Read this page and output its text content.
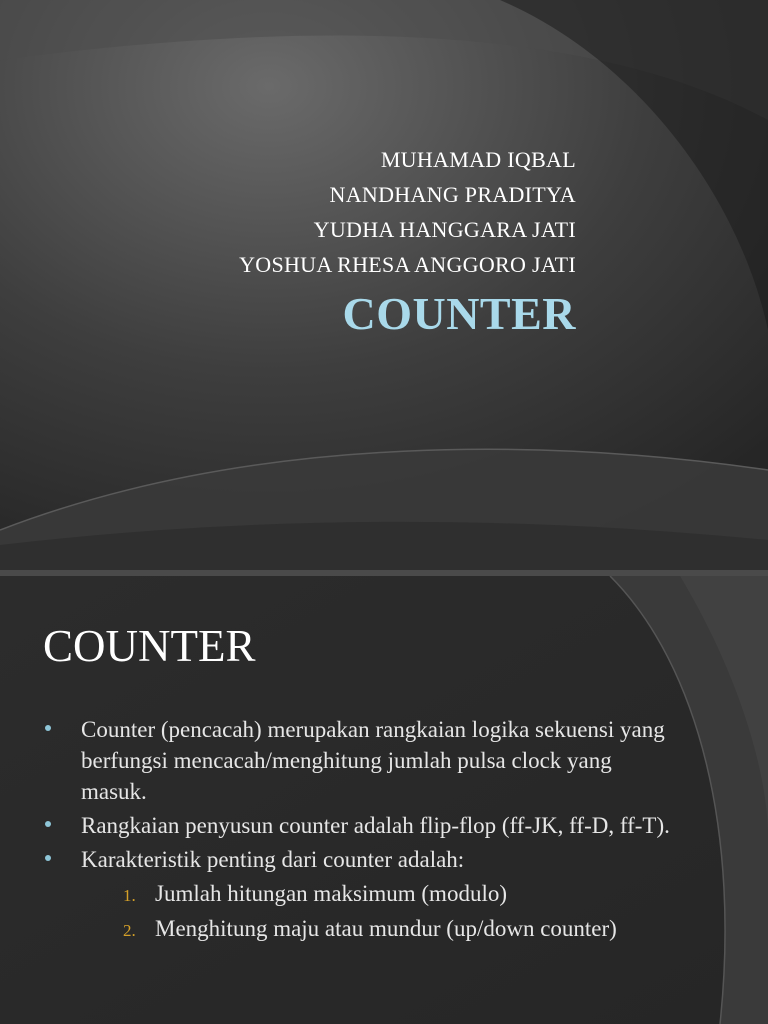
MUHAMAD IQBAL
NANDHANG PRADITYA
YUDHA HANGGARA JATI
YOSHUA RHESA ANGGORO JATI
COUNTER
COUNTER
Counter (pencacah) merupakan rangkaian logika sekuensi yang berfungsi mencacah/menghitung jumlah pulsa clock yang masuk.
Rangkaian penyusun counter adalah flip-flop (ff-JK, ff-D, ff-T).
Karakteristik penting dari counter adalah:
1. Jumlah hitungan maksimum (modulo)
2. Menghitung maju atau mundur (up/down counter)
